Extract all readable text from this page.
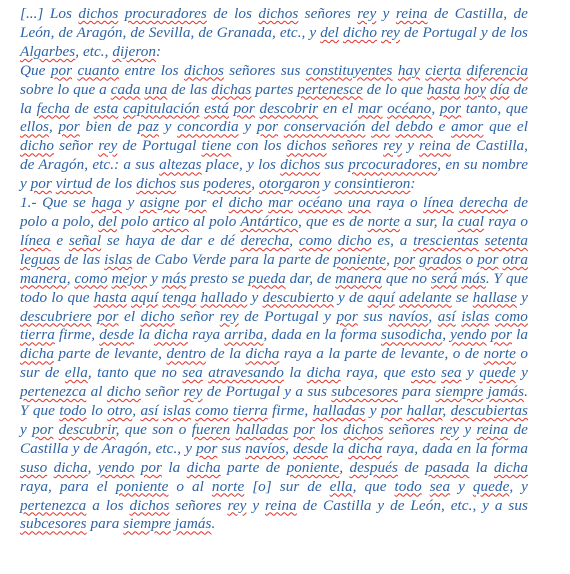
[...] Los dichos procuradores de los dichos señores rey y reina de Castilla, de León, de Aragón, de Sevilla, de Granada, etc., y del dicho rey de Portugal y de los Algarbes, etc., dijeron:

Que por cuanto entre los dichos señores sus constituyentes hay cierta diferencia sobre lo que a cada una de las dichas partes pertenesce de lo que hasta hoy día de la fecha de esta capitulación está por descobrir en el mar océano, por tanto, que ellos, por bien de paz y concordia y por conservación del debdo e amor que el dicho señor rey de Portugal tiene con los dichos señores rey y reina de Castilla, de Aragón, etc.: a sus altezas place, y los dichos sus prcocuradores, en su nombre y por virtud de los dichos sus poderes, otorgaron y consintieron:

1.- Que se haga y asigne por el dicho mar océano una raya o línea derecha de polo a polo, del polo artico al polo Antártico, que es de norte a sur, la cual raya o línea e señal se haya de dar e dé derecha, como dicho es, a trescientas setenta leguas de las islas de Cabo Verde para la parte de poniente, por grados o por otra manera, como mejor y más presto se pueda dar, de manera que no será más. Y que todo lo que hasta aquí tenga hallado y descubierto y de aquí adelante se hallase y descubriere por el dicho señor rey de Portugal y por sus navíos, así islas como tierra firme, desde la dicha raya arriba, dada en la forma susodicha, yendo por la dicha parte de levante, dentro de la dicha raya a la parte de levante, o de norte o sur de ella, tanto que no sea atravesando la dicha raya, que esto sea y quede y pertenezca al dicho señor rey de Portugal y a sus subcesores para siempre jamás. Y que todo lo otro, así islas como tierra firme, halladas y por hallar, descubiertas y por descubrir, que son o fueren halladas por los dichos señores rey y reina de Castilla y de Aragón, etc., y por sus navíos, desde la dicha raya, dada en la forma suso dicha, yendo por la dicha parte de poniente, después de pasada la dicha raya, para el poniente o al norte [o] sur de ella, que todo sea y quede, y pertenezca a los dichos señores rey y reina de Castilla y de León, etc., y a sus subcesores para siempre jamás.
